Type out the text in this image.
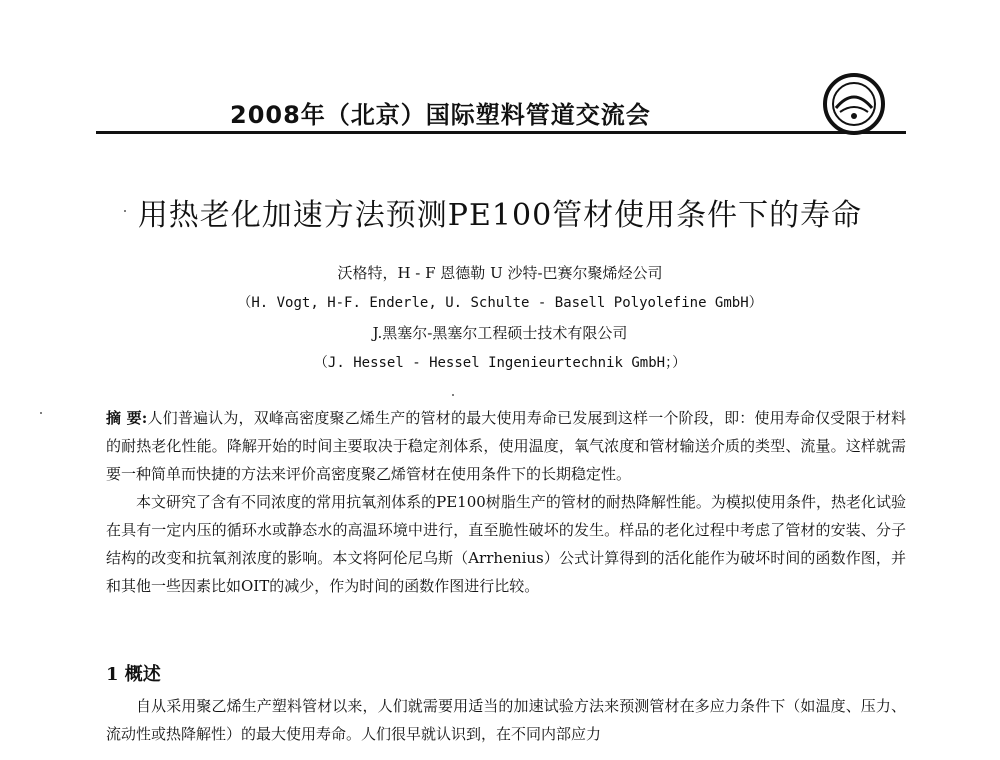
2008年（北京）国际塑料管道交流会
用热老化加速方法预测PE100管材使用条件下的寿命
沃格特，H - F 恩德勒 U 沙特-巴赛尔聚烯烃公司
（H. Vogt, H-F. Enderle, U. Schulte - Basell Polyolefine GmbH）
J.黑塞尔-黑塞尔工程硕士技术有限公司
（J. Hessel - Hessel Ingenieurtechnik GmbH；）

摘 要:人们普遍认为，双峰高密度聚乙烯生产的管材的最大使用寿命已发展到这样一个阶段，即：使用寿命仅受限于材料的耐热老化性能。降解开始的时间主要取决于稳定剂体系，使用温度，氧气浓度和管材输送介质的类型、流量。这样就需要一种简单而快捷的方法来评价高密度聚乙烯管材在使用条件下的长期稳定性。

本文研究了含有不同浓度的常用抗氧剂体系的PE100树脂生产的管材的耐热降解性能。为模拟使用条件，热老化试验在具有一定内压的循环水或静态水的高温环境中进行，直至脆性破坏的发生。样品的老化过程中考虑了管材的安装、分子结构的改变和抗氧剂浓度的影响。本文将阿伦尼乌斯（Arrhenius）公式计算得到的活化能作为破坏时间的函数作图，并和其他一些因素比如OIT的减少，作为时间的函数作图进行比较。

1 概述

自从采用聚乙烯生产塑料管材以来，人们就需要用适当的加速试验方法来预测管材在多应力条件下（如温度、压力、流动性或热降解性）的最大使用寿命。人们很早就认识到，在不同内部应力
